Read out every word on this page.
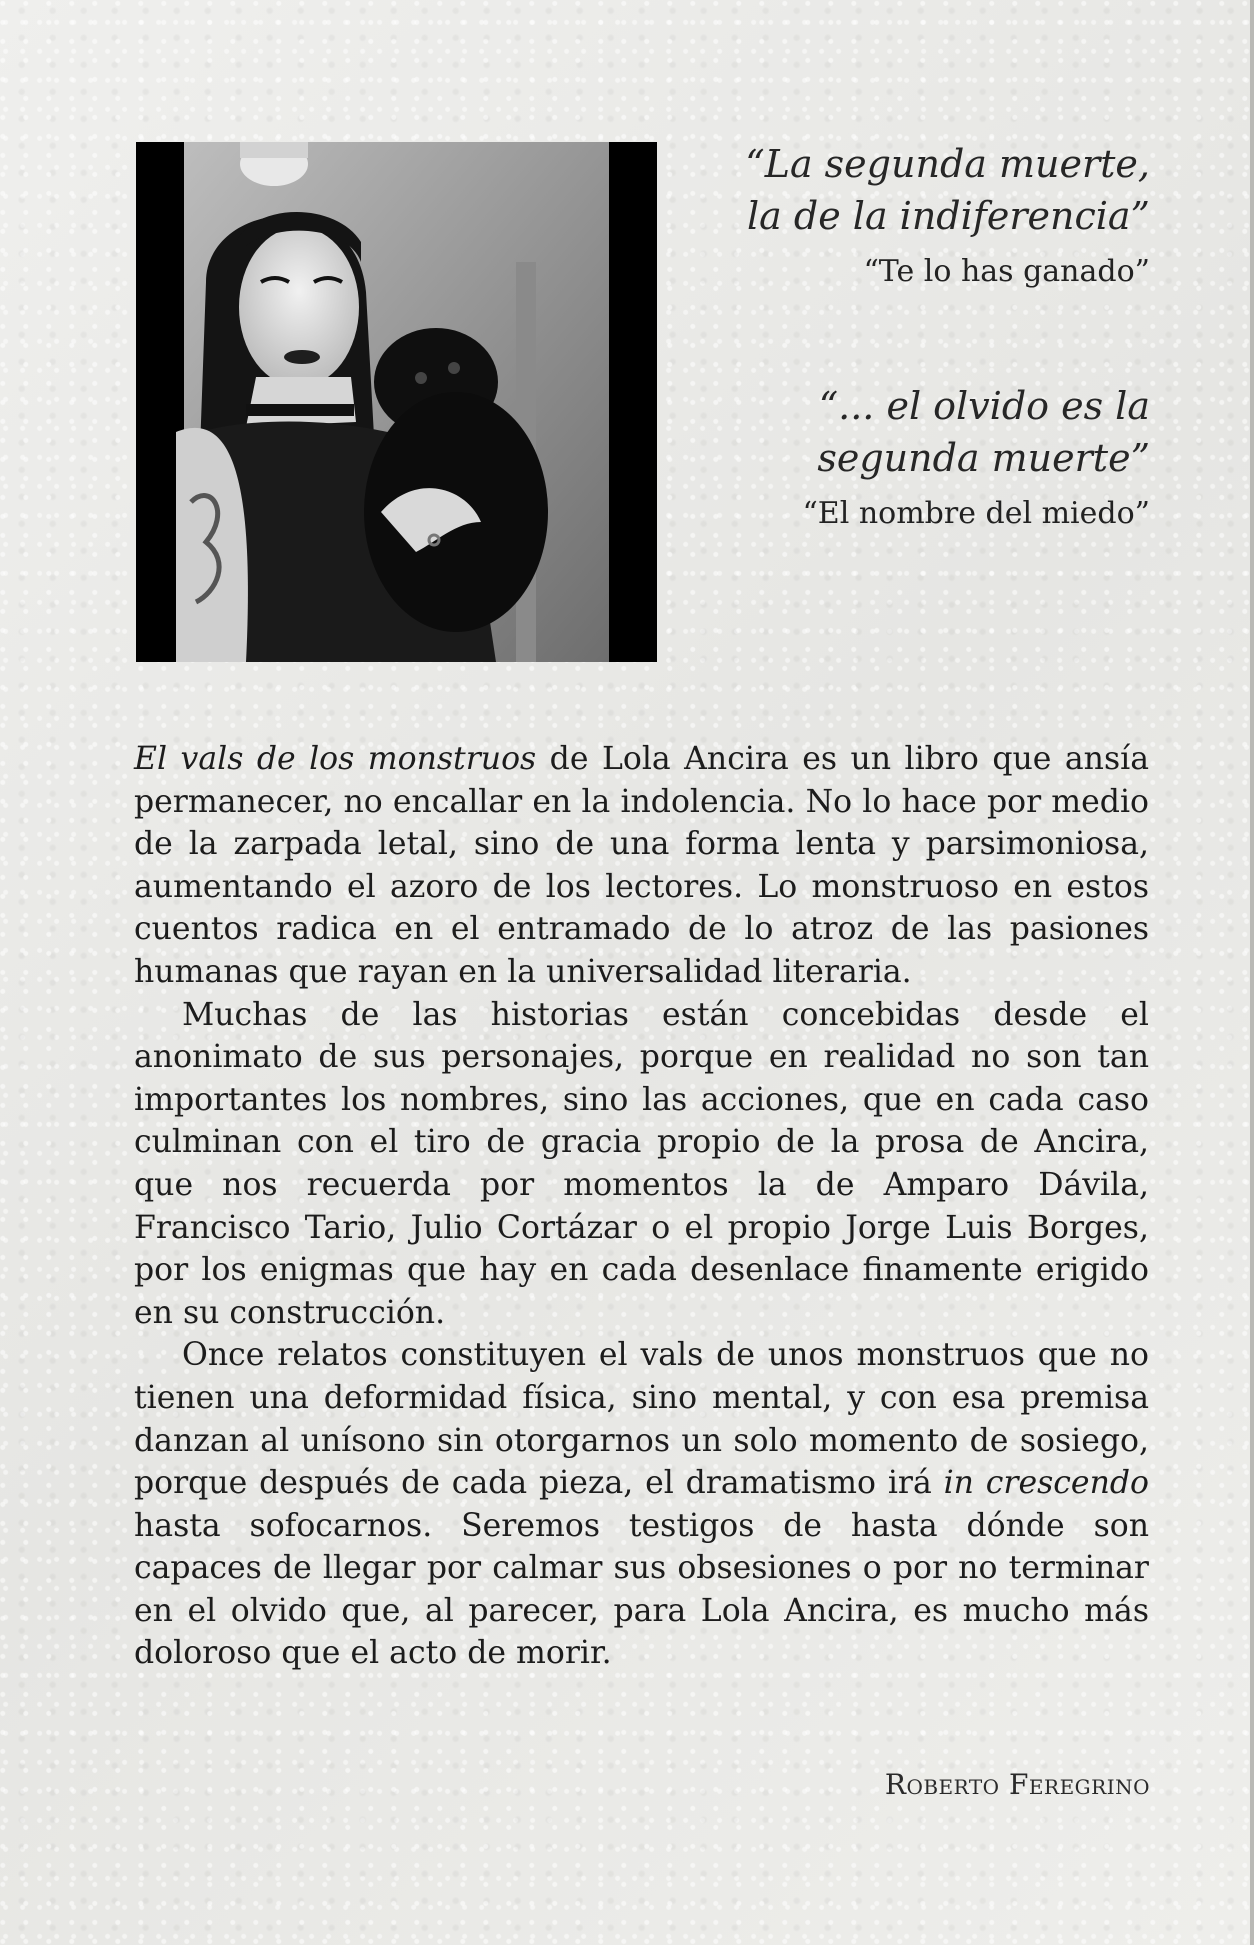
“La segunda muerte,
la de la indiferencia”
“Te lo has ganado”
“... el olvido es la
segunda muerte”
“El nombre del miedo”

El vals de los monstruos de Lola Ancira es un libro que ansía permanecer, no encallar en la indolencia. No lo hace por medio de la zarpada letal, sino de una forma lenta y parsimoniosa, aumentando el azoro de los lectores. Lo monstruoso en estos cuentos radica en el entramado de lo atroz de las pasiones humanas que rayan en la universalidad literaria.

Muchas de las historias están concebidas desde el anonimato de sus personajes, porque en realidad no son tan importantes los nombres, sino las acciones, que en cada caso culminan con el tiro de gracia propio de la prosa de Ancira, que nos recuerda por momentos la de Amparo Dávila, Francisco Tario, Julio Cortázar o el propio Jorge Luis Borges, por los enigmas que hay en cada desenlace finamente erigido en su construcción.

Once relatos constituyen el vals de unos monstruos que no tienen una deformidad física, sino mental, y con esa premisa danzan al unísono sin otorgarnos un solo momento de sosiego, porque después de cada pieza, el dramatismo irá in crescendo hasta sofocarnos. Seremos testigos de hasta dónde son capaces de llegar por calmar sus obsesiones o por no terminar en el olvido que, al parecer, para Lola Ancira, es mucho más doloroso que el acto de morir.

Roberto Feregrino
